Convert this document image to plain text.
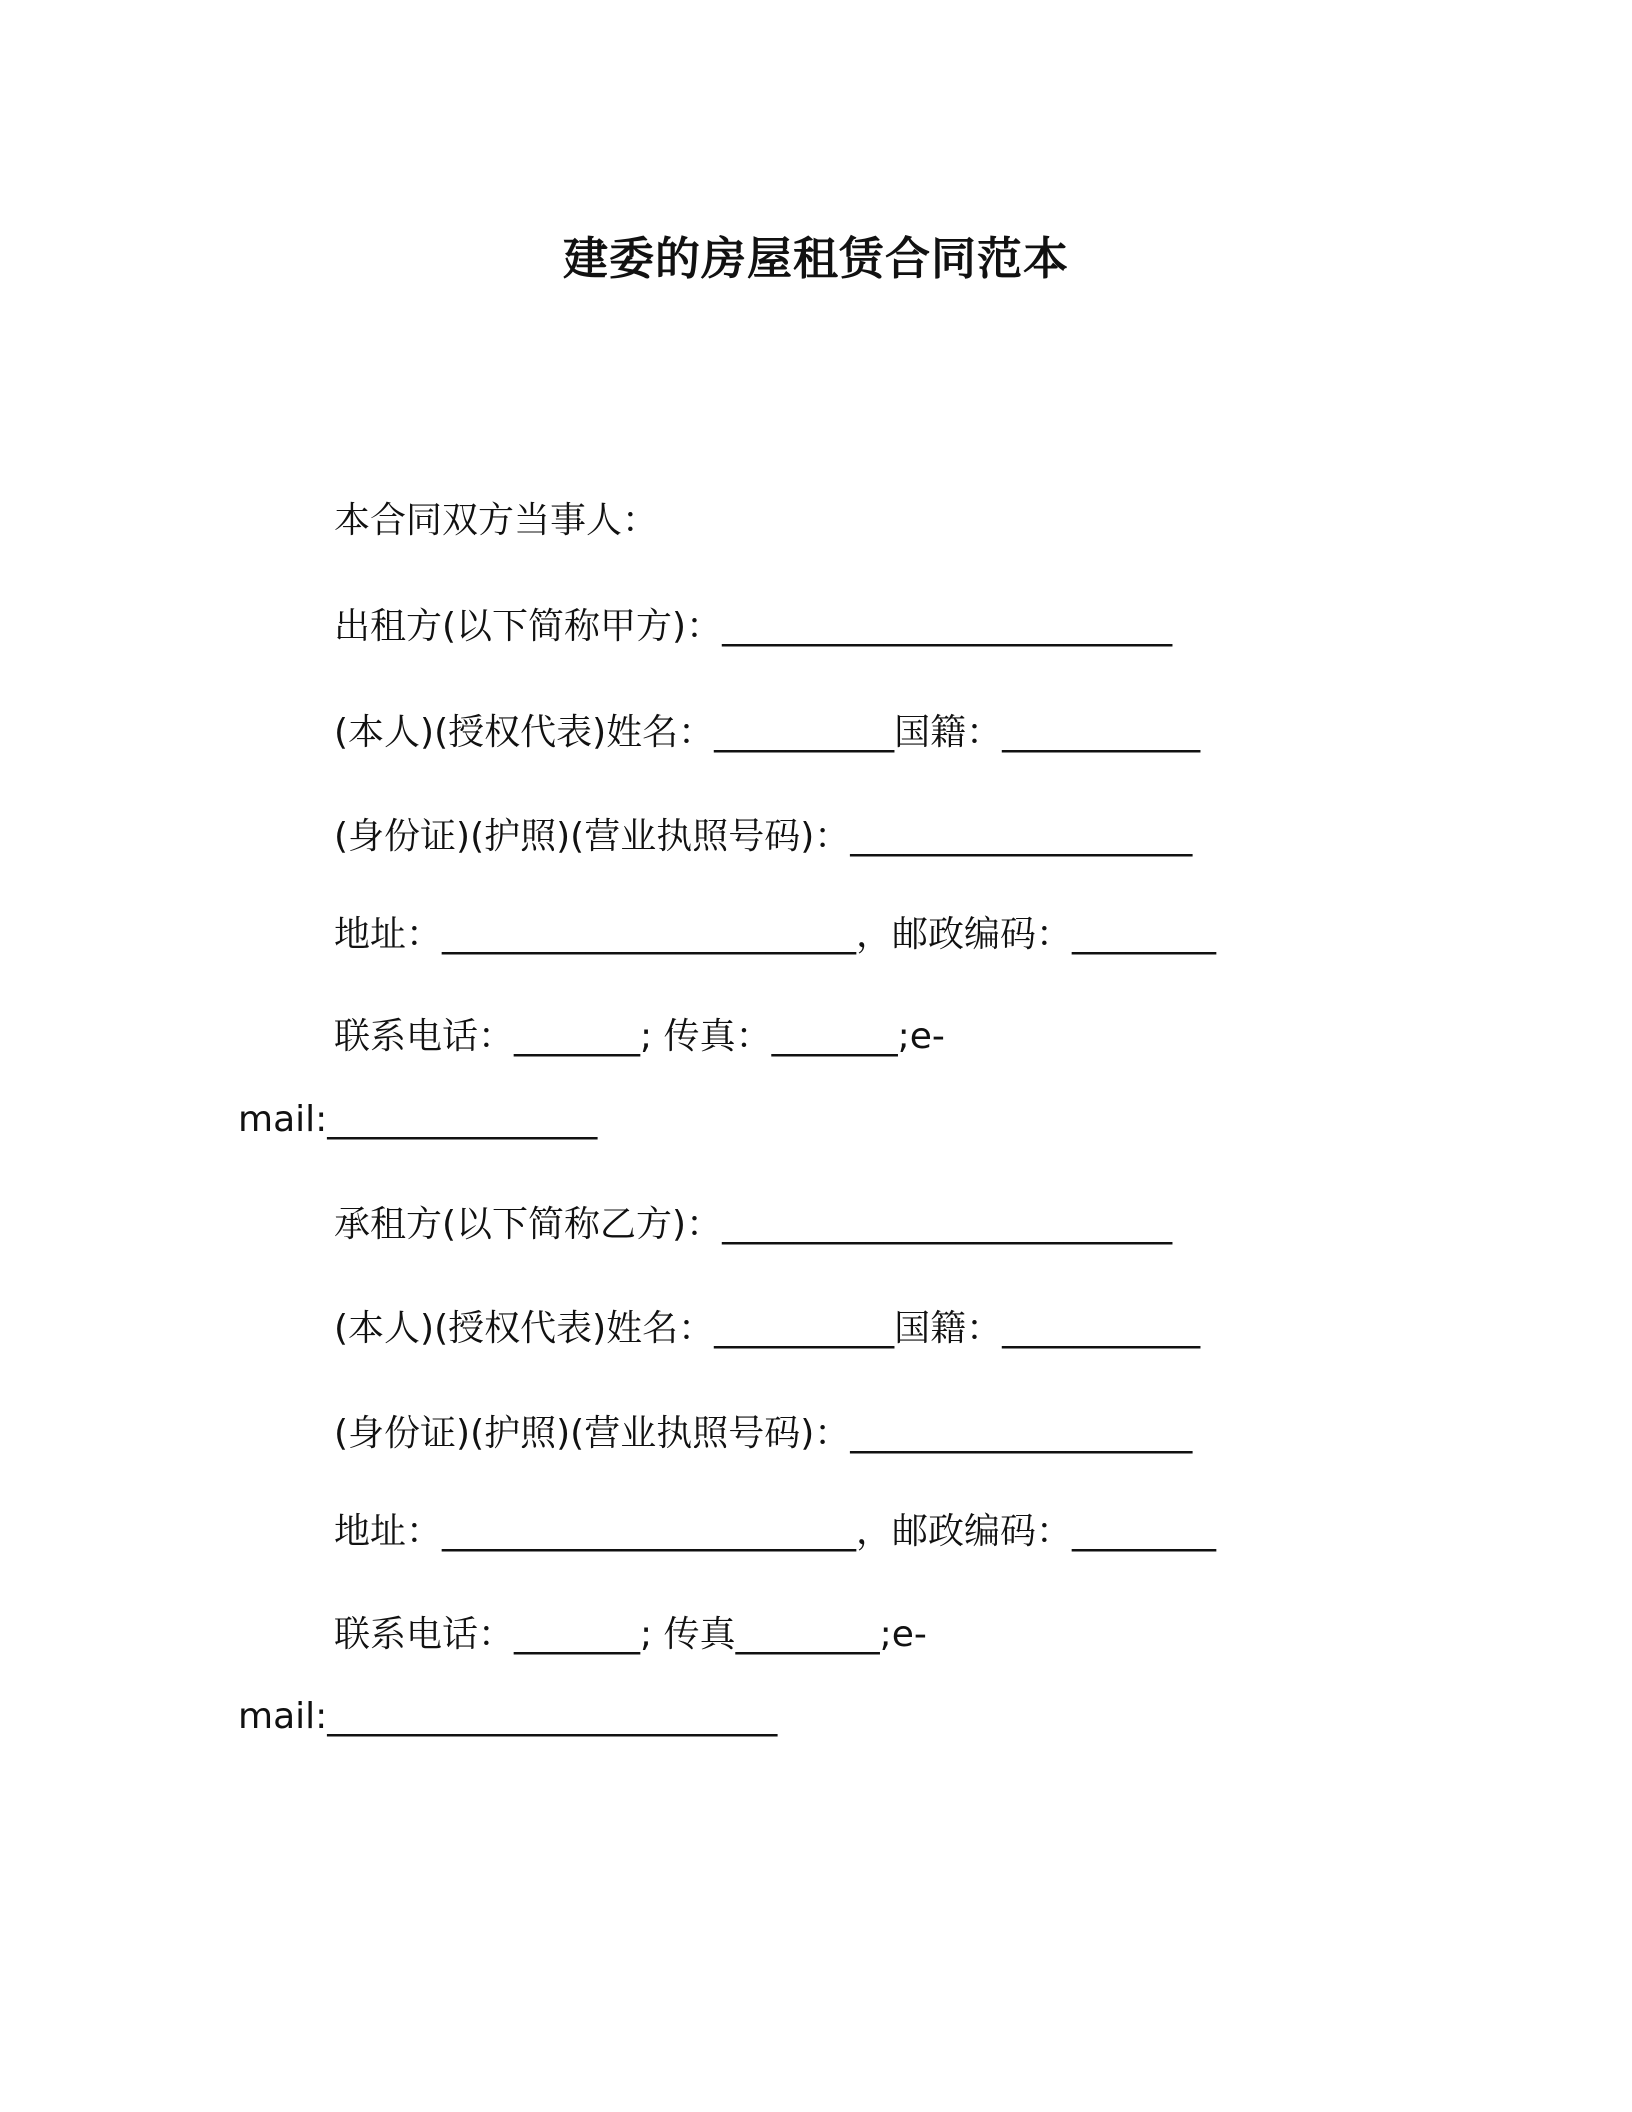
建委的房屋租赁合同范本
本合同双方当事人：
出租方(以下简称甲方)：_________________________
(本人)(授权代表)姓名：__________国籍：___________
(身份证)(护照)(营业执照号码)：___________________
地址：_______________________，邮政编码：________
联系电话：_______; 传真：_______;e-
mail:_______________
承租方(以下简称乙方)：_________________________
(本人)(授权代表)姓名：__________国籍：___________
(身份证)(护照)(营业执照号码)：___________________
地址：_______________________，邮政编码：________
联系电话：_______; 传真________;e-
mail:_________________________
